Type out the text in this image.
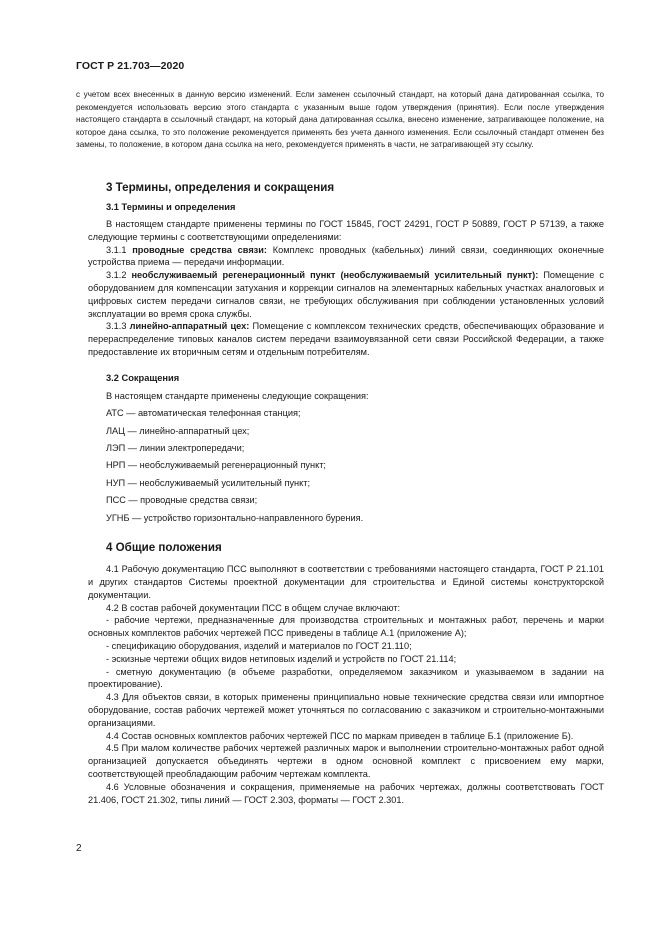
ГОСТ Р 21.703—2020
с учетом всех внесенных в данную версию изменений. Если заменен ссылочный стандарт, на который дана датированная ссылка, то рекомендуется использовать версию этого стандарта с указанным выше годом утверждения (принятия). Если после утверждения настоящего стандарта в ссылочный стандарт, на который дана датированная ссылка, внесено изменение, затрагивающее положение, на которое дана ссылка, то это положение рекомендуется применять без учета данного изменения. Если ссылочный стандарт отменен без замены, то положение, в котором дана ссылка на него, рекомендуется применять в части, не затрагивающей эту ссылку.
3 Термины, определения и сокращения
3.1 Термины и определения

В настоящем стандарте применены термины по ГОСТ 15845, ГОСТ 24291, ГОСТ Р 50889, ГОСТ Р 57139, а также следующие термины с соответствующими определениями:

3.1.1 проводные средства связи: Комплекс проводных (кабельных) линий связи, соединяющих оконечные устройства приема — передачи информации.

3.1.2 необслуживаемый регенерационный пункт (необслуживаемый усилительный пункт): Помещение с оборудованием для компенсации затухания и коррекции сигналов на элементарных кабельных участках аналоговых и цифровых систем передачи сигналов связи, не требующих обслуживания при соблюдении установленных условий эксплуатации во время срока службы.

3.1.3 линейно-аппаратный цех: Помещение с комплексом технических средств, обеспечивающих образование и перераспределение типовых каналов систем передачи взаимоувязанной сети связи Российской Федерации, а также предоставление их вторичным сетям и отдельным потребителям.

3.2 Сокращения

В настоящем стандарте применены следующие сокращения:

АТС — автоматическая телефонная станция;

ЛАЦ — линейно-аппаратный цех;

ЛЭП — линии электропередачи;

НРП — необслуживаемый регенерационный пункт;

НУП — необслуживаемый усилительный пункт;

ПСС — проводные средства связи;

УГНБ — устройство горизонтально-направленного бурения.

4 Общие положения

4.1 Рабочую документацию ПСС выполняют в соответствии с требованиями настоящего стандарта, ГОСТ Р 21.101 и других стандартов Системы проектной документации для строительства и Единой системы конструкторской документации.

4.2 В состав рабочей документации ПСС в общем случае включают:

- рабочие чертежи, предназначенные для производства строительных и монтажных работ, перечень и марки основных комплектов рабочих чертежей ПСС приведены в таблице А.1 (приложение А);

- спецификацию оборудования, изделий и материалов по ГОСТ 21.110;

- эскизные чертежи общих видов нетиповых изделий и устройств по ГОСТ 21.114;

- сметную документацию (в объеме разработки, определяемом заказчиком и указываемом в задании на проектирование).

4.3 Для объектов связи, в которых применены принципиально новые технические средства связи или импортное оборудование, состав рабочих чертежей может уточняться по согласованию с заказчиком и строительно-монтажными организациями.

4.4 Состав основных комплектов рабочих чертежей ПСС по маркам приведен в таблице Б.1 (приложение Б).

4.5 При малом количестве рабочих чертежей различных марок и выполнении строительно-монтажных работ одной организацией допускается объединять чертежи в одном основной комплект с присвоением ему марки, соответствующей преобладающим рабочим чертежам комплекта.

4.6 Условные обозначения и сокращения, применяемые на рабочих чертежах, должны соответствовать ГОСТ 21.406, ГОСТ 21.302, типы линий — ГОСТ 2.303, форматы — ГОСТ 2.301.

2
